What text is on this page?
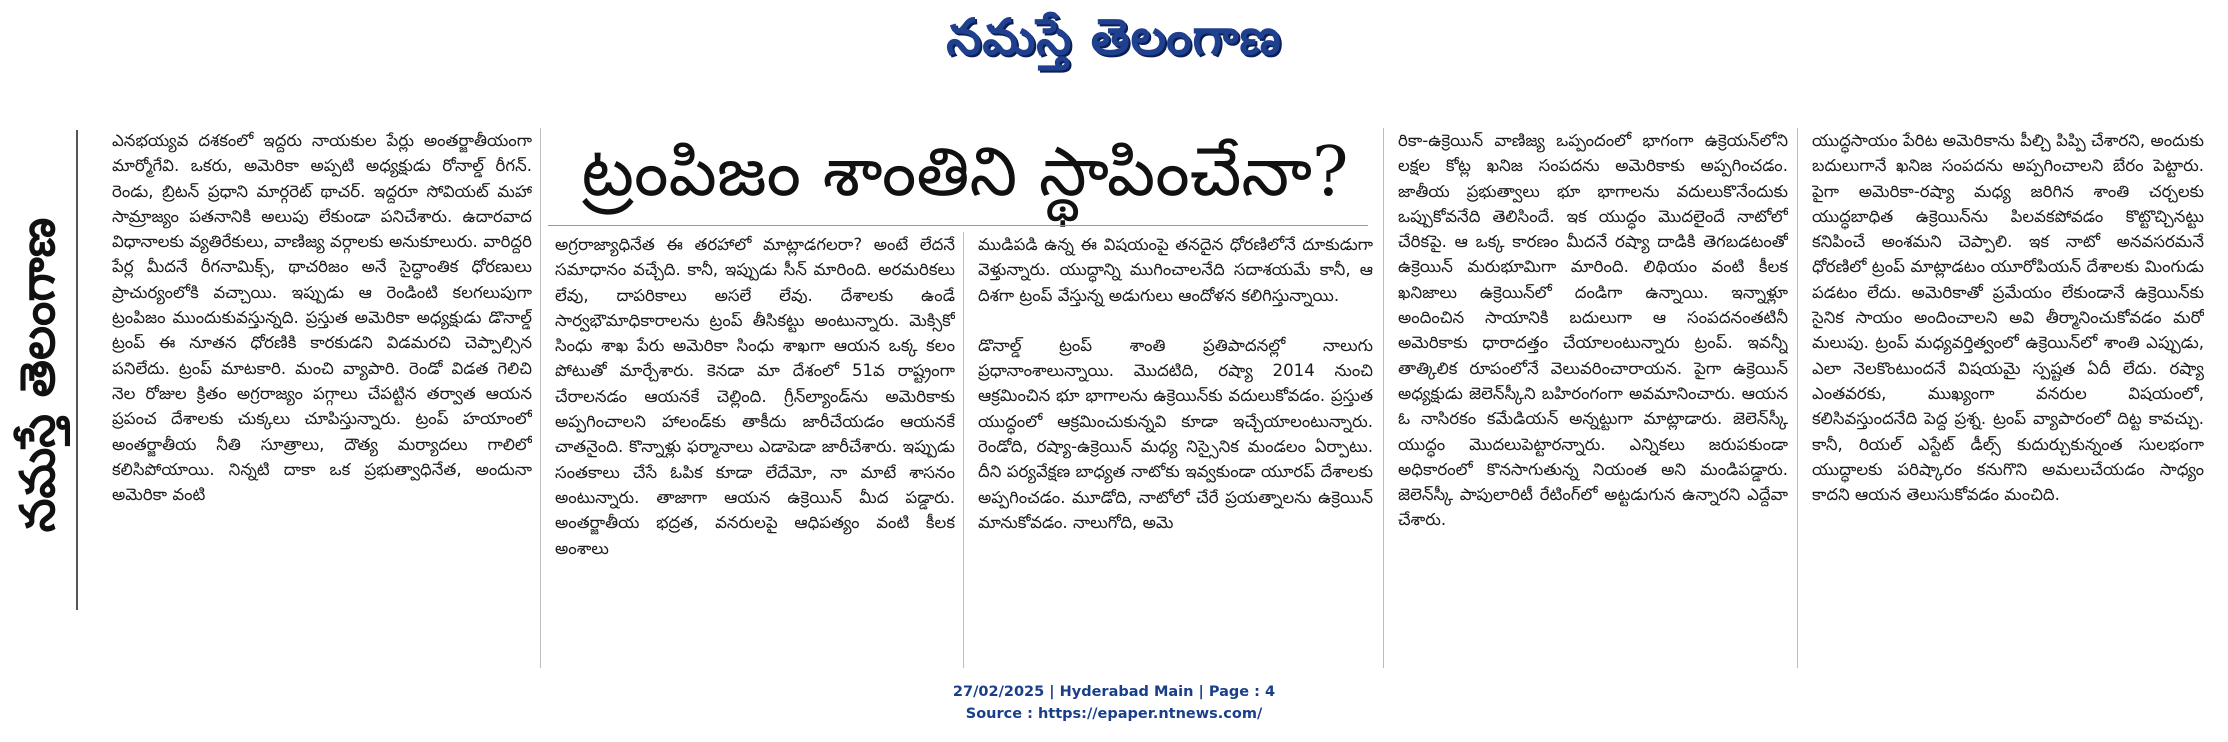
నమస్తే తెలంగాణ
నమస్తే తెలంగాణ

ఎనభయ్యవ దశకంలో ఇద్దరు నాయకుల పేర్లు అంతర్జాతీయంగా మార్మోగేవి. ఒకరు, అమెరికా అప్పటి అధ్యక్షుడు రోనాల్డ్ రీగన్. రెండు, బ్రిటన్ ప్రధాని మార్గరెట్ థాచర్. ఇద్దరూ సోవియట్ మహా సామ్రాజ్యం పతనానికి అలుపు లేకుండా పనిచేశారు. ఉదారవాద విధానాలకు వ్యతిరేకులు, వాణిజ్య వర్గాలకు అనుకూలురు. వారిద్దరి పేర్ల మీదనే రీగనామిక్స్, థాచరిజం అనే సైద్ధాంతిక ధోరణులు ప్రాచుర్యంలోకి వచ్చాయి. ఇప్పుడు ఆ రెండింటి కలగలుపుగా ట్రంపిజం ముందుకువస్తున్నది. ప్రస్తుత అమెరికా అధ్యక్షుడు డొనాల్డ్ ట్రంప్ ఈ నూతన ధోరణికి కారకుడని విడమరచి చెప్పాల్సిన పనిలేదు. ట్రంప్ మాటకారి. మంచి వ్యాపారి. రెండో విడత గెలిచి నెల రోజుల క్రితం అగ్రరాజ్యం పగ్గాలు చేపట్టిన తర్వాత ఆయన ప్రపంచ దేశాలకు చుక్కలు చూపిస్తున్నారు. ట్రంప్ హయాంలో అంతర్జాతీయ నీతి సూత్రాలు, దౌత్య మర్యాదలు గాలిలో కలిసిపోయాయి. నిన్నటి దాకా ఒక ప్రభుత్వాధినేత, అందునా అమెరికా వంటి

ట్రంపిజం శాంతిని స్థాపించేనా?

అగ్రరాజ్యాధినేత ఈ తరహాలో మాట్లాడగలరా? అంటే లేదనే సమాధానం వచ్చేది. కానీ, ఇప్పుడు సీన్ మారింది. అరమరికలు లేవు, దాపరికాలు అసలే లేవు. దేశాలకు ఉండే సార్వభౌమాధికారాలను ట్రంప్ తీసికట్టు అంటున్నారు. మెక్సికో సింధు శాఖ పేరు అమెరికా సింధు శాఖగా ఆయన ఒక్క కలం పోటుతో మార్చేశారు. కెనడా మా దేశంలో 51వ రాష్ట్రంగా చేరాలనడం ఆయనకే చెల్లింది. గ్రీన్‌ల్యాండ్‌ను అమెరికాకు అప్పగించాలని హాలండ్‌కు తాకీదు జారీచేయడం ఆయనకే చాతనైంది. కొన్నాళ్లు ఫర్మానాలు ఎడాపెడా జారీచేశారు. ఇప్పుడు సంతకాలు చేసే ఓపిక కూడా లేదేమో, నా మాటే శాసనం అంటున్నారు. తాజాగా ఆయన ఉక్రెయిన్ మీద పడ్డారు. అంతర్జాతీయ భద్రత, వనరులపై ఆధిపత్యం వంటి కీలక అంశాలు

ముడిపడి ఉన్న ఈ విషయంపై తనదైన ధోరణిలోనే దూకుడుగా వెళ్తున్నారు. యుద్ధాన్ని ముగించాలనేది సదాశయమే కానీ, ఆ దిశగా ట్రంప్ వేస్తున్న అడుగులు ఆందోళన కలిగిస్తున్నాయి.

డొనాల్డ్ ట్రంప్ శాంతి ప్రతిపాదనల్లో నాలుగు ప్రధానాంశాలున్నాయి. మొదటిది, రష్యా 2014 నుంచి ఆక్రమించిన భూ భాగాలను ఉక్రెయిన్‌కు వదులుకోవడం. ప్రస్తుత యుద్ధంలో ఆక్రమించుకున్నవి కూడా ఇచ్చేయాలంటున్నారు. రెండోది, రష్యా-ఉక్రెయిన్ మధ్య నిస్సైనిక మండలం ఏర్పాటు. దీని పర్యవేక్షణ బాధ్యత నాటోకు ఇవ్వకుండా యూరప్ దేశాలకు అప్పగించడం. మూడోది, నాటోలో చేరే ప్రయత్నాలను ఉక్రెయిన్ మానుకోవడం. నాలుగోది, అమె

రికా-ఉక్రెయిన్ వాణిజ్య ఒప్పందంలో భాగంగా ఉక్రెయన్‌లోని లక్షల కోట్ల ఖనిజ సంపదను అమెరికాకు అప్పగించడం. జాతీయ ప్రభుత్వాలు భూ భాగాలను వదులుకొనేందుకు ఒప్పుకోవనేది తెలిసిందే. ఇక యుద్ధం మొదలైందే నాటోలో చేరికపై. ఆ ఒక్క కారణం మీదనే రష్యా దాడికి తెగబడటంతో ఉక్రెయిన్ మరుభూమిగా మారింది. లిథియం వంటి కీలక ఖనిజాలు ఉక్రెయిన్‌లో దండిగా ఉన్నాయి. ఇన్నాళ్లూ అందించిన సాయానికి బదులుగా ఆ సంపదనంతటినీ అమెరికాకు ధారాదత్తం చేయాలంటున్నారు ట్రంప్. ఇవన్నీ తాత్కిలిక రూపంలోనే వెలువరించారాయన. పైగా ఉక్రెయిన్ అధ్యక్షుడు జెలెన్‌స్కీని బహిరంగంగా అవమానించారు. ఆయన ఓ నాసిరకం కమేడియన్ అన్నట్టుగా మాట్లాడారు. జెలెన్‌స్కీ యుద్ధం మొదలుపెట్టారన్నారు. ఎన్నికలు జరుపకుండా అధికారంలో కొనసాగుతున్న నియంత అని మండిపడ్డారు. జెలెన్‌స్కీ పాపులారిటీ రేటింగ్‌లో అట్టడుగున ఉన్నారని ఎద్దేవా చేశారు.

యుద్ధసాయం పేరిట అమెరికాను పీల్చి పిప్పి చేశారని, అందుకు బదులుగానే ఖనిజ సంపదను అప్పగించాలని బేరం పెట్టారు. పైగా అమెరికా-రష్యా మధ్య జరిగిన శాంతి చర్చలకు యుద్ధబాధిత ఉక్రెయిన్‌ను పిలవకపోవడం కొట్టొచ్చినట్టు కనిపించే అంశమని చెప్పాలి. ఇక నాటో అనవసరమనే ధోరణిలో ట్రంప్ మాట్లాడటం యూరోపియన్ దేశాలకు మింగుడు పడటం లేదు. అమెరికాతో ప్రమేయం లేకుండానే ఉక్రెయిన్‌కు సైనిక సాయం అందించాలని అవి తీర్మానించుకోవడం మరో మలుపు. ట్రంప్ మధ్యవర్తిత్వంలో ఉక్రెయిన్‌లో శాంతి ఎప్పుడు, ఎలా నెలకొంటుందనే విషయమై స్పష్టత ఏదీ లేదు. రష్యా ఎంతవరకు, ముఖ్యంగా వనరుల విషయంలో, కలిసివస్తుందనేది పెద్ద ప్రశ్న. ట్రంప్ వ్యాపారంలో దిట్ట కావచ్చు. కానీ, రియల్ ఎస్టేట్ డీల్స్ కుదుర్చుకున్నంత సులభంగా యుద్ధాలకు పరిష్కారం కనుగొని అమలుచేయడం సాధ్యం కాదని ఆయన తెలుసుకోవడం మంచిది.

27/02/2025 | Hyderabad Main | Page : 4
Source : https://epaper.ntnews.com/
